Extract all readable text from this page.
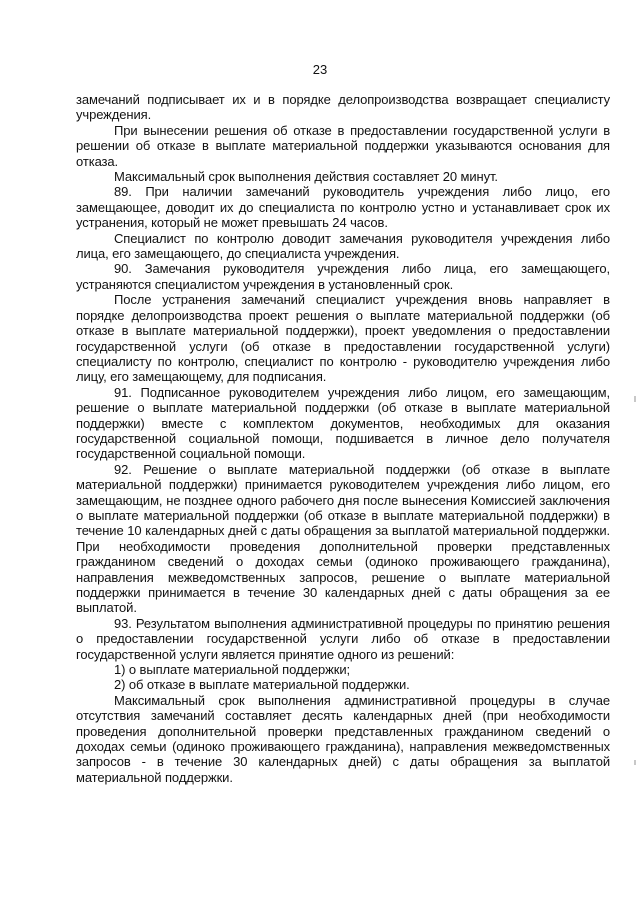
23

замечаний подписывает их и в порядке делопроизводства возвращает специалисту учреждения.

При вынесении решения об отказе в предоставлении государственной услуги в решении об отказе в выплате материальной поддержки указываются основания для отказа.

Максимальный срок выполнения действия составляет 20 минут.

89. При наличии замечаний руководитель учреждения либо лицо, его замещающее, доводит их до специалиста по контролю устно и устанавливает срок их устранения, который не может превышать 24 часов.

Специалист по контролю доводит замечания руководителя учреждения либо лица, его замещающего, до специалиста учреждения.

90. Замечания руководителя учреждения либо лица, его замещающего, устраняются специалистом учреждения в установленный срок.

После устранения замечаний специалист учреждения вновь направляет в порядке делопроизводства проект решения о выплате материальной поддержки (об отказе в выплате материальной поддержки), проект уведомления о предоставлении государственной услуги (об отказе в предоставлении государственной услуги) специалисту по контролю, специалист по контролю - руководителю учреждения либо лицу, его замещающему, для подписания.

91. Подписанное руководителем учреждения либо лицом, его замещающим, решение о выплате материальной поддержки (об отказе в выплате материальной поддержки) вместе с комплектом документов, необходимых для оказания государственной социальной помощи, подшивается в личное дело получателя государственной социальной помощи.

92. Решение о выплате материальной поддержки (об отказе в выплате материальной поддержки) принимается руководителем учреждения либо лицом, его замещающим, не позднее одного рабочего дня после вынесения Комиссией заключения о выплате материальной поддержки (об отказе в выплате материальной поддержки) в течение 10 календарных дней с даты обращения за выплатой материальной поддержки. При необходимости проведения дополнительной проверки представленных гражданином сведений о доходах семьи (одиноко проживающего гражданина), направления межведомственных запросов, решение о выплате материальной поддержки принимается в течение 30 календарных дней с даты обращения за ее выплатой.

93. Результатом выполнения административной процедуры по принятию решения о предоставлении государственной услуги либо об отказе в предоставлении государственной услуги является принятие одного из решений:

1) о выплате материальной поддержки;

2) об отказе в выплате материальной поддержки.

Максимальный срок выполнения административной процедуры в случае отсутствия замечаний составляет десять календарных дней (при необходимости проведения дополнительной проверки представленных гражданином сведений о доходах семьи (одиноко проживающего гражданина), направления межведомственных запросов - в течение 30 календарных дней) с даты обращения за выплатой материальной поддержки.
